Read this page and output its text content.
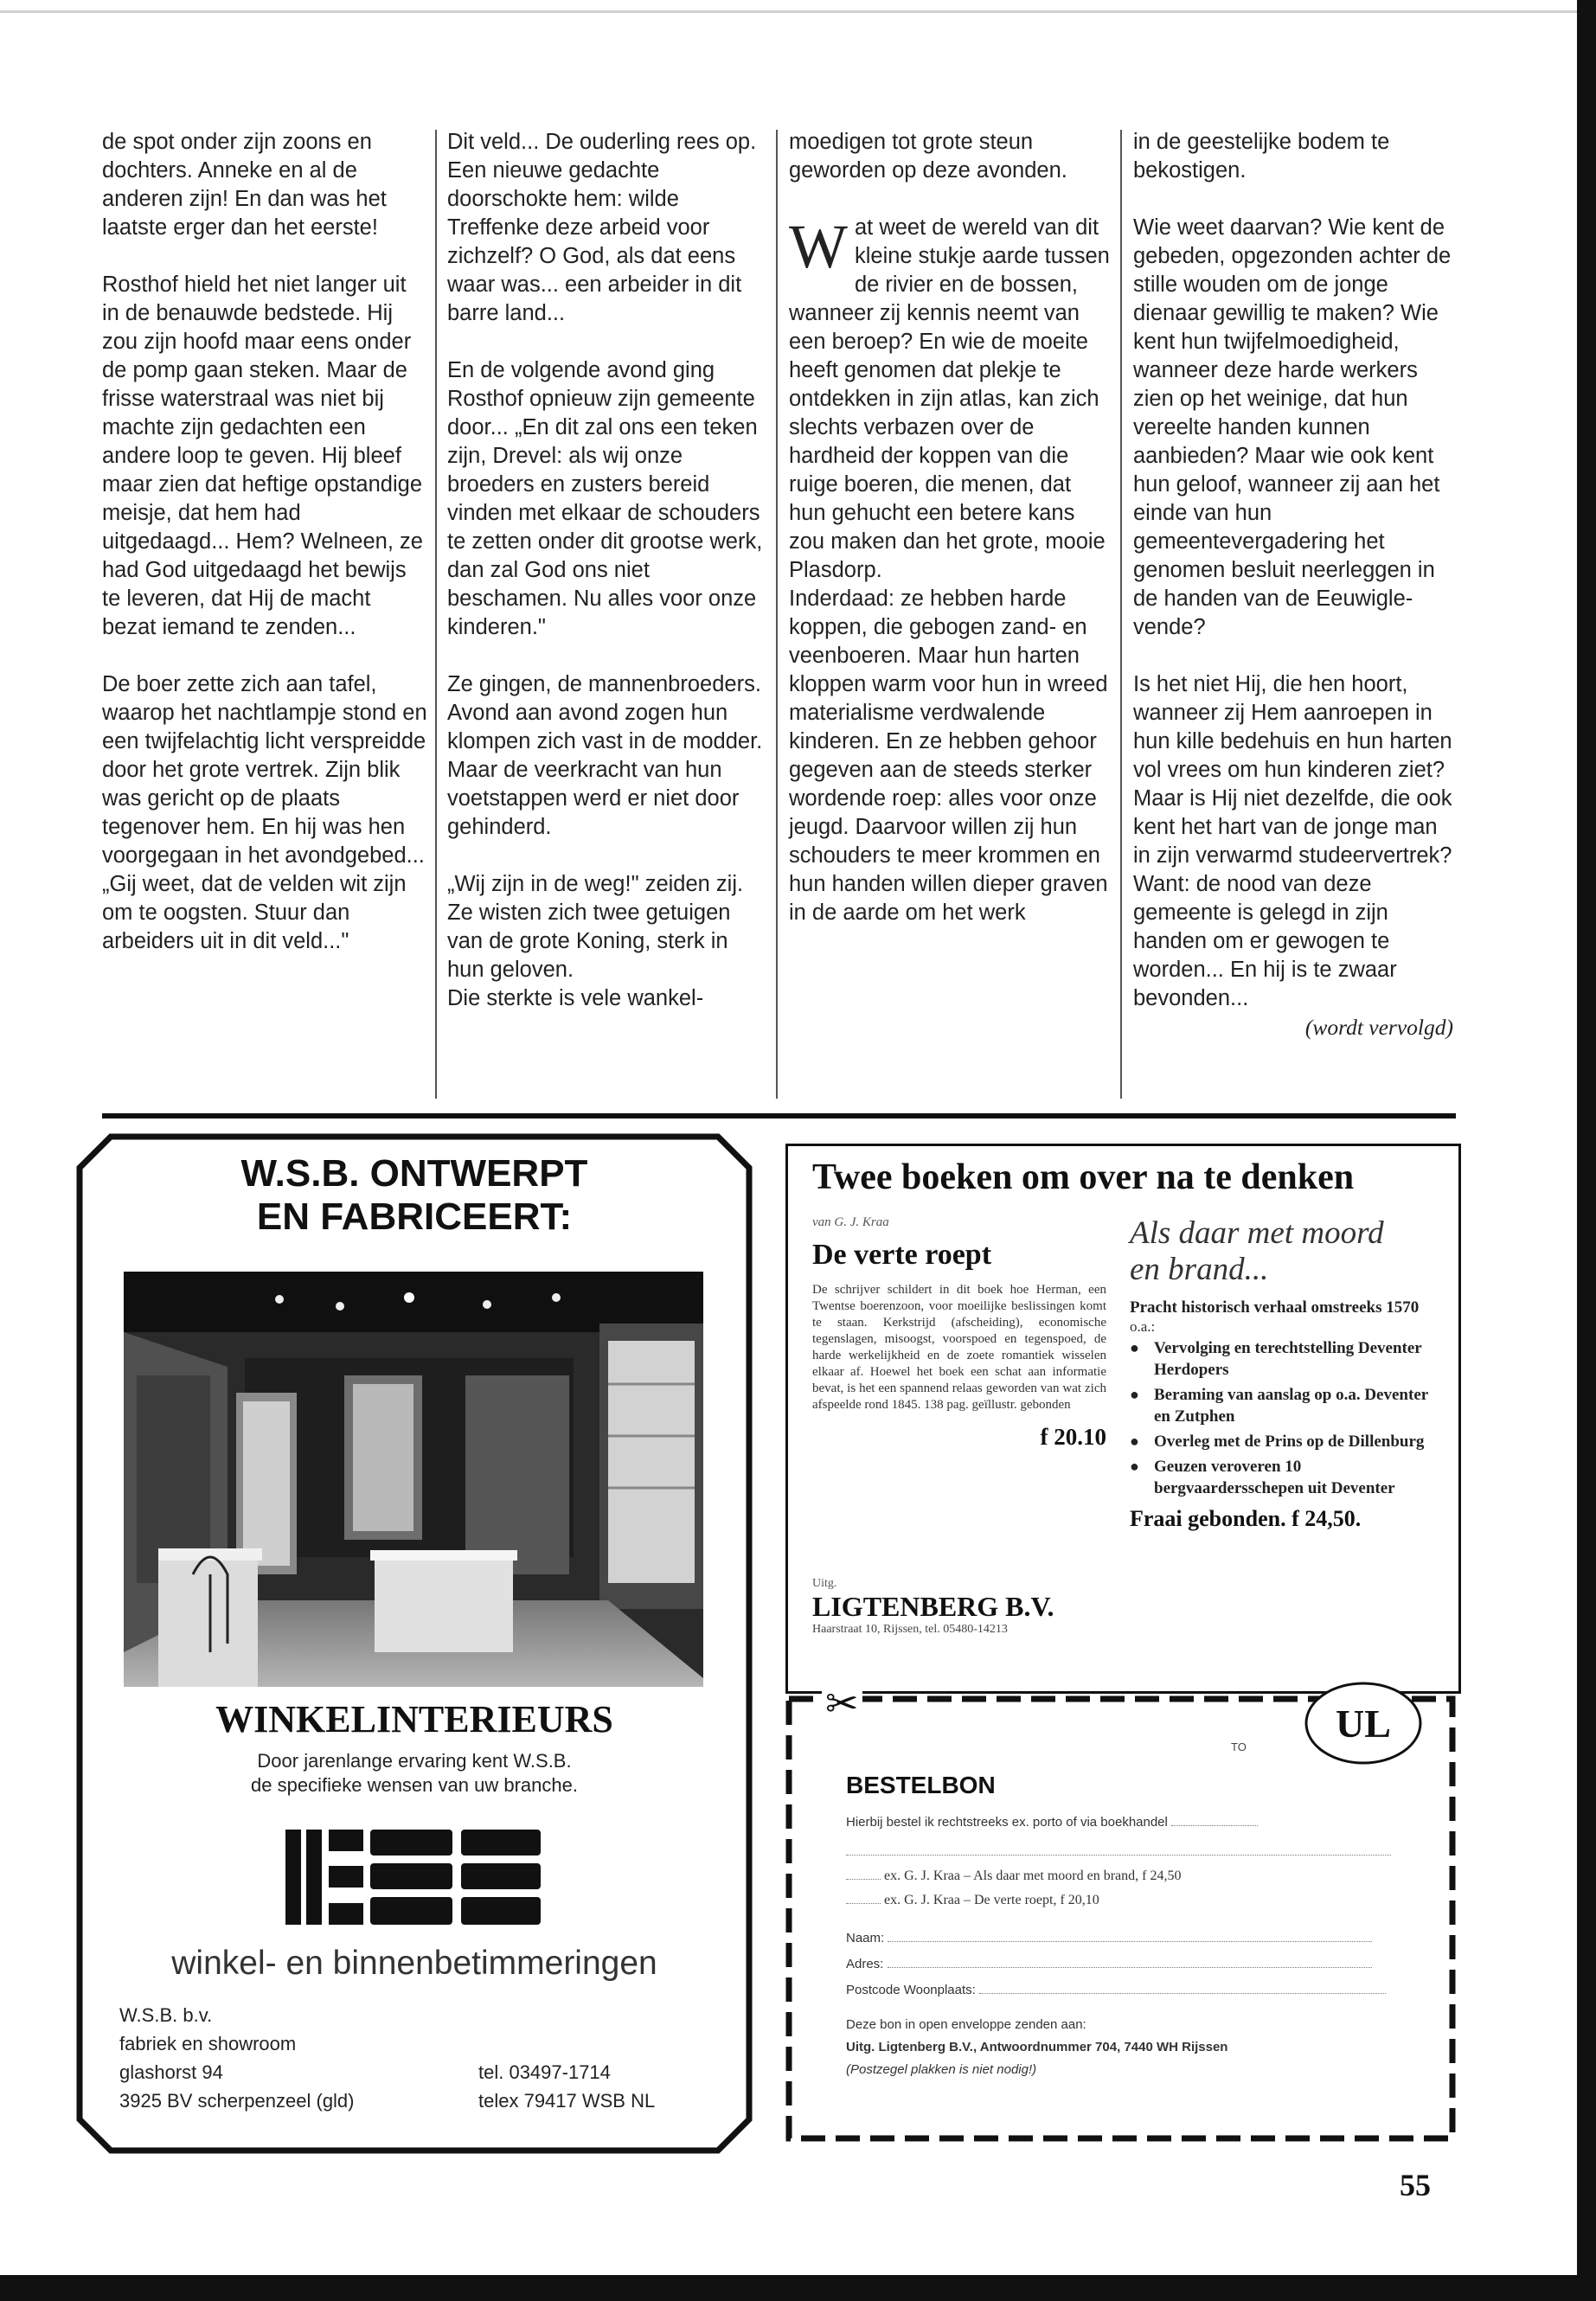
de spot onder zijn zoons en dochters. Anneke en al de anderen zijn! En dan was het laatste erger dan het eerste!

Rosthof hield het niet langer uit in de benauwde bedstede. Hij zou zijn hoofd maar eens onder de pomp gaan steken. Maar de frisse waterstraal was niet bij machte zijn gedachten een andere loop te geven. Hij bleef maar zien dat heftige opstandige meisje, dat hem had uitgedaagd... Hem? Welneen, ze had God uitgedaagd het bewijs te leveren, dat Hij de macht bezat iemand te zenden...

De boer zette zich aan tafel, waarop het nachtlampje stond en een twijfelachtig licht verspreidde door het grote vertrek. Zijn blik was gericht op de plaats tegenover hem. En hij was hen voorgegaan in het avondgebed... „Gij weet, dat de velden wit zijn om te oogsten. Stuur dan arbeiders uit in dit veld..."

Dit veld... De ouderling rees op. Een nieuwe gedachte doorschokte hem: wilde Treffenke deze arbeid voor zichzelf? O God, als dat eens waar was... een arbeider in dit barre land...

En de volgende avond ging Rosthof opnieuw zijn gemeente door... „En dit zal ons een teken zijn, Drevel: als wij onze broeders en zusters bereid vinden met elkaar de schouders te zetten onder dit grootse werk, dan zal God ons niet beschamen. Nu alles voor onze kinderen."

Ze gingen, de mannenbroeders. Avond aan avond zogen hun klompen zich vast in de modder. Maar de veerkracht van hun voetstappen werd er niet door gehinderd.

„Wij zijn in de weg!" zeiden zij. Ze wisten zich twee getuigen van de grote Koning, sterk in hun geloven.

Die sterkte is vele wankel-

moedigen tot grote steun geworden op deze avonden.

Wat weet de wereld van dit kleine stukje aarde tussen de rivier en de bossen, wanneer zij kennis neemt van een beroep? En wie de moeite heeft genomen dat plekje te ontdekken in zijn atlas, kan zich slechts verbazen over de hardheid der koppen van die ruige boeren, die menen, dat hun gehucht een betere kans zou maken dan het grote, mooie Plasdorp.

Inderdaad: ze hebben harde koppen, die gebogen zand- en veenboeren. Maar hun harten kloppen warm voor hun in wreed materialisme verdwalende kinderen. En ze hebben gehoor gegeven aan de steeds sterker wordende roep: alles voor onze jeugd. Daarvoor willen zij hun schouders te meer krommen en hun handen willen dieper graven in de aarde om het werk

in de geestelijke bodem te bekostigen.

Wie weet daarvan? Wie kent de gebeden, opgezonden achter de stille wouden om de jonge dienaar gewillig te maken? Wie kent hun twijfelmoedigheid, wanneer deze harde werkers zien op het weinige, dat hun vereelte handen kunnen aanbieden? Maar wie ook kent hun geloof, wanneer zij aan het einde van hun gemeentevergadering het genomen besluit neerleggen in de handen van de Eeuwigle-vende?

Is het niet Hij, die hen hoort, wanneer zij Hem aanroepen in hun kille bedehuis en hun harten vol vrees om hun kinderen ziet? Maar is Hij niet dezelfde, die ook kent het hart van de jonge man in zijn verwarmd studeervertrek? Want: de nood van deze gemeente is gelegd in zijn handen om er gewogen te worden... En hij is te zwaar bevonden...

(wordt vervolgd)
W.S.B. ONTWERPT
EN FABRICEERT:
WINKELINTERIEURS
Door jarenlange ervaring kent W.S.B.
de specifieke wensen van uw branche.
winkel- en binnenbetimmeringen
W.S.B. b.v.
fabriek en showroom
glashorst 94
3925 BV scherpenzeel (gld)
tel. 03497-1714
telex 79417 WSB NL
Twee boeken om over na te denken
van G. J. Kraa
De verte roept
De schrijver schildert in dit boek hoe Herman, een Twentse boerenzoon, voor moeilijke beslissingen komt te staan. Kerkstrijd (afscheiding), economische tegenslagen, misoogst, voorspoed en tegenspoed, de harde werkelijkheid en de zoete romantiek wisselen elkaar af. Hoewel het boek een schat aan informatie bevat, is het een spannend relaas geworden van wat zich afspeelde rond 1845. 138 pag. geïllustr. gebonden
f 20.10
Als daar met moord
en brand...
Pracht historisch verhaal omstreeks 1570
o.a.:
● Vervolging en terechtstelling Deventer Herdopers
● Beraming van aanslag op o.a. Deventer en Zutphen
● Overleg met de Prins op de Dillenburg
● Geuzen veroveren 10 bergvaardersschepen uit Deventer
Fraai gebonden. f 24,50.
Uitg.
LIGTENBERG B.V.
Haarstraat 10, Rijssen, tel. 05480-14213
✂	UL
TO
BESTELBON
Hierbij bestel ik rechtstreeks ex. porto of via boekhandel
ex. G. J. Kraa – Als daar met moord en brand, f 24,50
ex. G. J. Kraa – De verte roept, f 20,10
Naam:
Adres:
Postcode Woonplaats:
Deze bon in open enveloppe zenden aan:
Uitg. Ligtenberg B.V., Antwoordnummer 704, 7440 WH Rijssen
(Postzegel plakken is niet nodig!)
55
